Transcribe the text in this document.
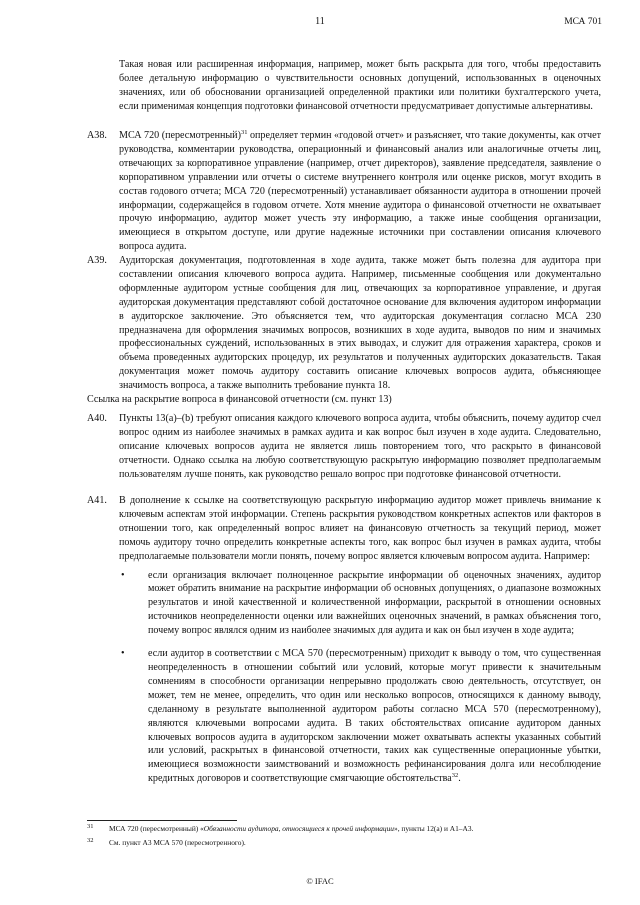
11	МСА 701
Такая новая или расширенная информация, например, может быть раскрыта для того, чтобы предоставить более детальную информацию о чувствительности основных допущений, использованных в оценочных значениях, или об обосновании организацией определенной практики или политики бухгалтерского учета, если применимая концепция подготовки финансовой отчетности предусматривает допустимые альтернативы.
A38. МСА 720 (пересмотренный)$^{31}$ определяет термин «годовой отчет» и разъясняет, что такие документы, как отчет руководства, комментарии руководства, операционный и финансовый анализ или аналогичные отчеты лиц, отвечающих за корпоративное управление (например, отчет директоров), заявление председателя, заявление о корпоративном управлении или отчеты о системе внутреннего контроля или оценке рисков, могут входить в состав годового отчета; МСА 720 (пересмотренный) устанавливает обязанности аудитора в отношении прочей информации, содержащейся в годовом отчете. Хотя мнение аудитора о финансовой отчетности не охватывает прочую информацию, аудитор может учесть эту информацию, а также иные сообщения организации, имеющиеся в открытом доступе, или другие надежные источники при составлении описания ключевого вопроса аудита.
A39. Аудиторская документация, подготовленная в ходе аудита, также может быть полезна для аудитора при составлении описания ключевого вопроса аудита. Например, письменные сообщения или документально оформленные аудитором устные сообщения для лиц, отвечающих за корпоративное управление, и другая аудиторская документация представляют собой достаточное основание для включения аудитором информации в аудиторское заключение. Это объясняется тем, что аудиторская документация согласно МСА 230 предназначена для оформления значимых вопросов, возникших в ходе аудита, выводов по ним и значимых профессиональных суждений, использованных в этих выводах, и служит для отражения характера, сроков и объема проведенных аудиторских процедур, их результатов и полученных аудиторских доказательств. Такая документация может помочь аудитору составить описание ключевых вопросов аудита, объясняющее значимость вопроса, а также выполнить требование пункта 18.
Ссылка на раскрытие вопроса в финансовой отчетности (см. пункт 13)
A40. Пункты 13(а)–(b) требуют описания каждого ключевого вопроса аудита, чтобы объяснить, почему аудитор счел вопрос одним из наиболее значимых в рамках аудита и как вопрос был изучен в ходе аудита. Следовательно, описание ключевых вопросов аудита не является лишь повторением того, что раскрыто в финансовой отчетности. Однако ссылка на любую соответствующую раскрытую информацию позволяет предполагаемым пользователям лучше понять, как руководство решало вопрос при подготовке финансовой отчетности.
A41. В дополнение к ссылке на соответствующую раскрытую информацию аудитор может привлечь внимание к ключевым аспектам этой информации. Степень раскрытия руководством конкретных аспектов или факторов в отношении того, как определенный вопрос влияет на финансовую отчетность за текущий период, может помочь аудитору точно определить конкретные аспекты того, как вопрос был изучен в рамках аудита, чтобы предполагаемые пользователи могли понять, почему вопрос является ключевым вопросом аудита. Например:
• если организация включает полноценное раскрытие информации об оценочных значениях, аудитор может обратить внимание на раскрытие информации об основных допущениях, о диапазоне возможных результатов и иной качественной и количественной информации, раскрытой в отношении основных источников неопределенности оценки или важнейших оценочных значений, в рамках объяснения того, почему вопрос являлся одним из наиболее значимых для аудита и как он был изучен в ходе аудита;
• если аудитор в соответствии с МСА 570 (пересмотренным) приходит к выводу о том, что существенная неопределенность в отношении событий или условий, которые могут привести к значительным сомнениям в способности организации непрерывно продолжать свою деятельность, отсутствует, он может, тем не менее, определить, что один или несколько вопросов, относящихся к данному выводу, сделанному в результате выполненной аудитором работы согласно МСА 570 (пересмотренному), являются ключевыми вопросами аудита. В таких обстоятельствах описание аудитором данных ключевых вопросов аудита в аудиторском заключении может охватывать аспекты указанных событий или условий, раскрытых в финансовой отчетности, таких как существенные операционные убытки, имеющиеся возможности заимствований и возможность рефинансирования долга или несоблюдение кредитных договоров и соответствующие смягчающие обстоятельства$^{32}$.
31 МСА 720 (пересмотренный) «Обязанности аудитора, относящиеся к прочей информации», пункты 12(а) и А1–А3.
32 См. пункт А3 МСА 570 (пересмотренного).
© IFAC
